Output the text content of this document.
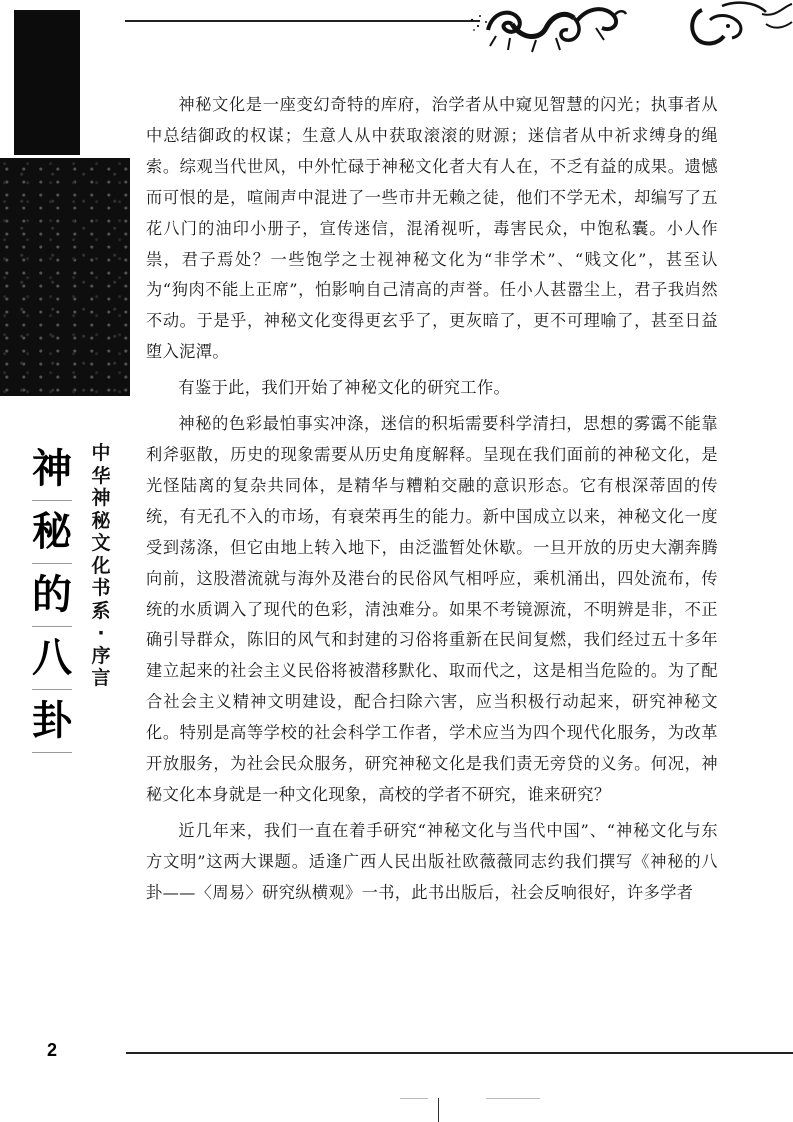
神
秘
的
八
卦
中
华
神
秘
文
化
书
系
·
序
言

神秘文化是一座变幻奇特的库府，治学者从中窥见智慧的闪光；执事者从中总结御政的权谋；生意人从中获取滚滚的财源；迷信者从中祈求缚身的绳索。综观当代世风，中外忙碌于神秘文化者大有人在，不乏有益的成果。遗憾而可恨的是，喧闹声中混进了一些市井无赖之徒，他们不学无术，却编写了五花八门的油印小册子，宣传迷信，混淆视听，毒害民众，中饱私囊。小人作祟，君子焉处？一些饱学之士视神秘文化为“非学术”、“贱文化”，甚至认为“狗肉不能上正席”，怕影响自己清高的声誉。任小人甚嚣尘上，君子我岿然不动。于是乎，神秘文化变得更玄乎了，更灰暗了，更不可理喻了，甚至日益堕入泥潭。

有鉴于此，我们开始了神秘文化的研究工作。

神秘的色彩最怕事实冲涤，迷信的积垢需要科学清扫，思想的雾霭不能靠利斧驱散，历史的现象需要从历史角度解释。呈现在我们面前的神秘文化，是光怪陆离的复杂共同体，是精华与糟粕交融的意识形态。它有根深蒂固的传统，有无孔不入的市场，有衰荣再生的能力。新中国成立以来，神秘文化一度受到荡涤，但它由地上转入地下，由泛滥暂处休歇。一旦开放的历史大潮奔腾向前，这股潜流就与海外及港台的民俗风气相呼应，乘机涌出，四处流布，传统的水质调入了现代的色彩，清浊难分。如果不考镜源流，不明辨是非，不正确引导群众，陈旧的风气和封建的习俗将重新在民间复燃，我们经过五十多年建立起来的社会主义民俗将被潜移默化、取而代之，这是相当危险的。为了配合社会主义精神文明建设，配合扫除六害，应当积极行动起来，研究神秘文化。特别是高等学校的社会科学工作者，学术应当为四个现代化服务，为改革开放服务，为社会民众服务，研究神秘文化是我们责无旁贷的义务。何况，神秘文化本身就是一种文化现象，高校的学者不研究，谁来研究？

近几年来，我们一直在着手研究“神秘文化与当代中国”、“神秘文化与东方文明”这两大课题。适逢广西人民出版社欧薇薇同志约我们撰写《神秘的八卦——〈周易〉研究纵横观》一书，此书出版后，社会反响很好，许多学者

2
